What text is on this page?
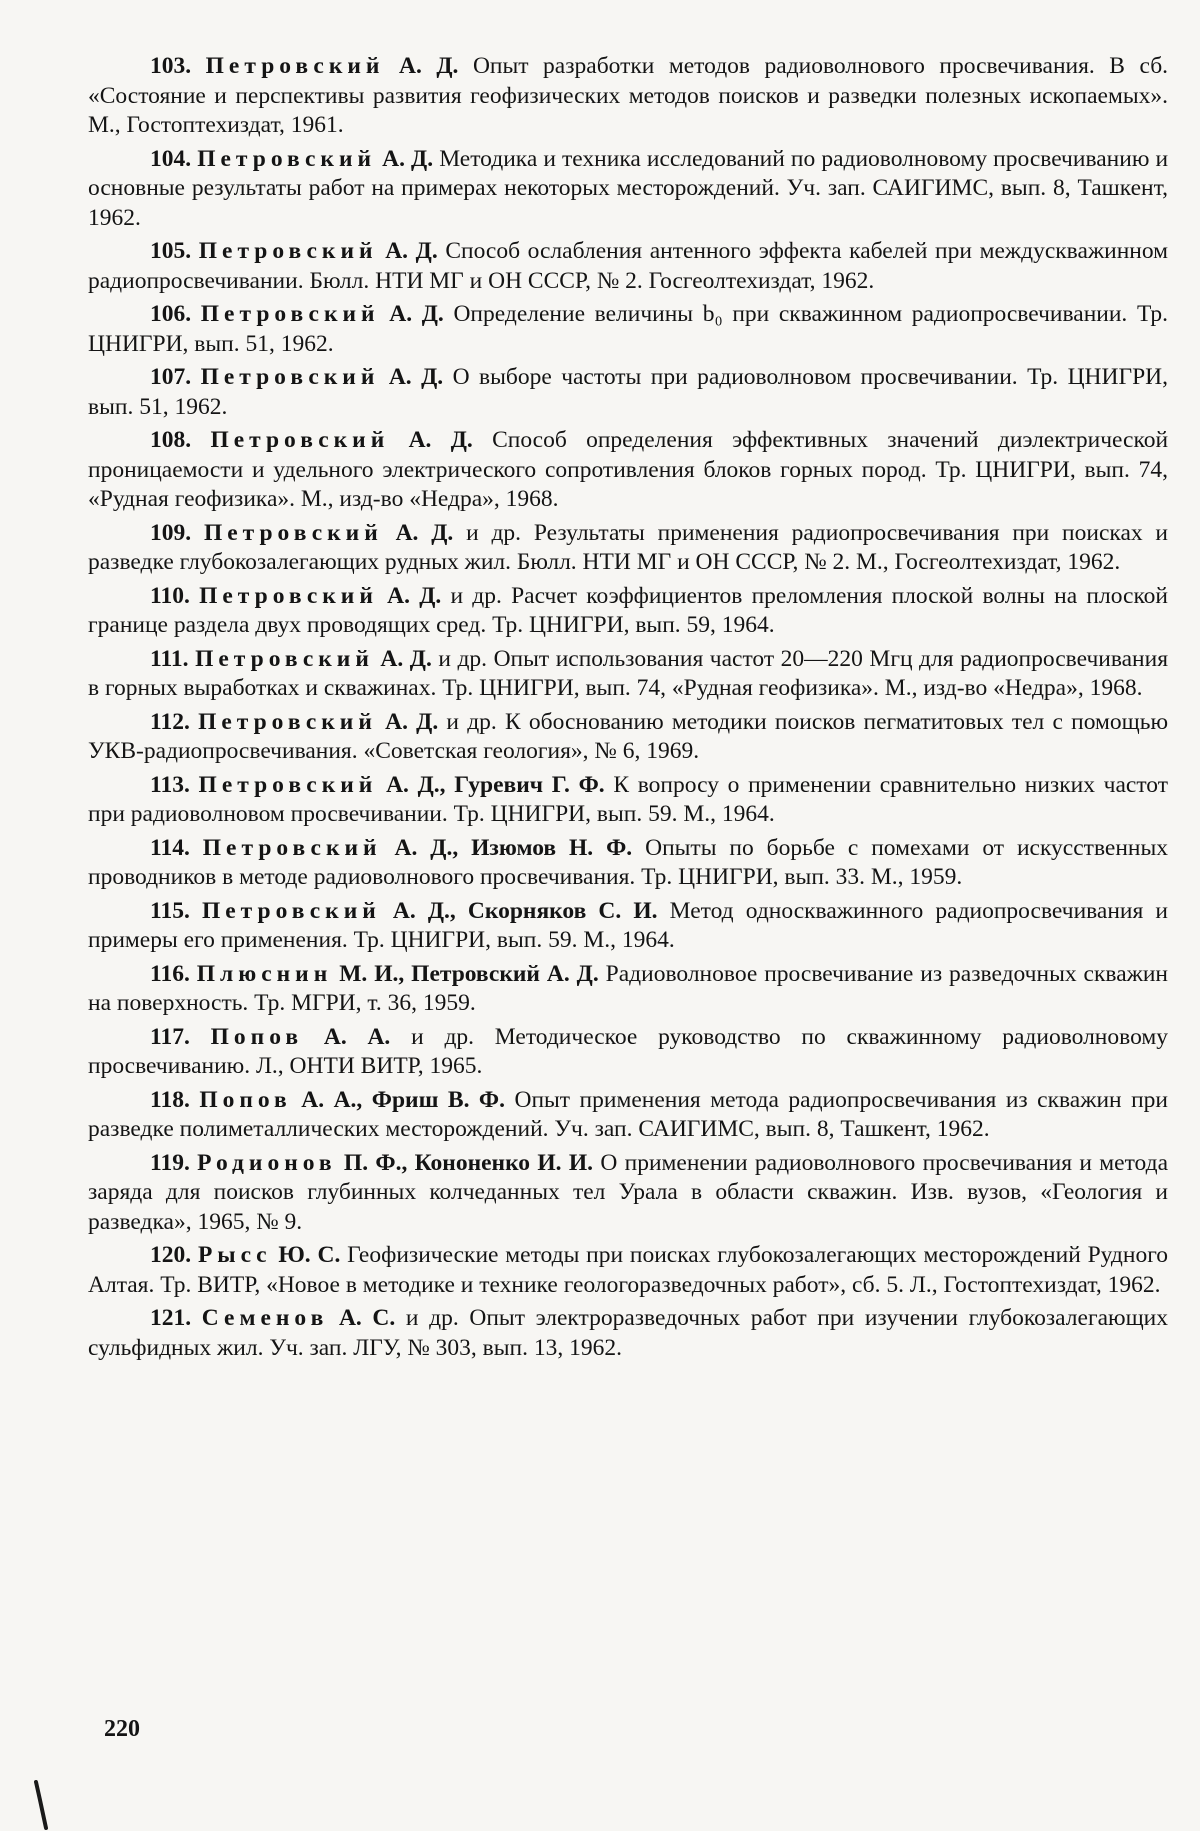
103. Петровский А. Д. Опыт разработки методов радиоволнового просвечивания. В сб. «Состояние и перспективы развития геофизических методов поисков и разведки полезных ископаемых». М., Гостоптехиздат, 1961.

104. Петровский А. Д. Методика и техника исследований по радиоволновому просвечиванию и основные результаты работ на примерах некоторых месторождений. Уч. зап. САИГИМС, вып. 8, Ташкент, 1962.

105. Петровский А. Д. Способ ослабления антенного эффекта кабелей при междускважинном радиопросвечивании. Бюлл. НТИ МГ и ОН СССР, № 2. Госгеолтехиздат, 1962.

106. Петровский А. Д. Определение величины b₀ при скважинном радиопросвечивании. Тр. ЦНИГРИ, вып. 51, 1962.

107. Петровский А. Д. О выборе частоты при радиоволновом просвечивании. Тр. ЦНИГРИ, вып. 51, 1962.

108. Петровский А. Д. Способ определения эффективных значений диэлектрической проницаемости и удельного электрического сопротивления блоков горных пород. Тр. ЦНИГРИ, вып. 74, «Рудная геофизика». М., изд-во «Недра», 1968.

109. Петровский А. Д. и др. Результаты применения радиопросвечивания при поисках и разведке глубокозалегающих рудных жил. Бюлл. НТИ МГ и ОН СССР, № 2. М., Госгеолтехиздат, 1962.

110. Петровский А. Д. и др. Расчет коэффициентов преломления плоской волны на плоской границе раздела двух проводящих сред. Тр. ЦНИГРИ, вып. 59, 1964.

111. Петровский А. Д. и др. Опыт использования частот 20—220 Мгц для радиопросвечивания в горных выработках и скважинах. Тр. ЦНИГРИ, вып. 74, «Рудная геофизика». М., изд-во «Недра», 1968.

112. Петровский А. Д. и др. К обоснованию методики поисков пегматитовых тел с помощью УКВ-радиопросвечивания. «Советская геология», № 6, 1969.

113. Петровский А. Д., Гуревич Г. Ф. К вопросу о применении сравнительно низких частот при радиоволновом просвечивании. Тр. ЦНИГРИ, вып. 59. М., 1964.

114. Петровский А. Д., Изюмов Н. Ф. Опыты по борьбе с помехами от искусственных проводников в методе радиоволнового просвечивания. Тр. ЦНИГРИ, вып. 33. М., 1959.

115. Петровский А. Д., Скорняков С. И. Метод односкважинного радиопросвечивания и примеры его применения. Тр. ЦНИГРИ, вып. 59. М., 1964.

116. Плюснин М. И., Петровский А. Д. Радиоволновое просвечивание из разведочных скважин на поверхность. Тр. МГРИ, т. 36, 1959.

117. Попов А. А. и др. Методическое руководство по скважинному радиоволновому просвечиванию. Л., ОНТИ ВИТР, 1965.

118. Попов А. А., Фриш В. Ф. Опыт применения метода радиопросвечивания из скважин при разведке полиметаллических месторождений. Уч. зап. САИГИМС, вып. 8, Ташкент, 1962.

119. Родионов П. Ф., Кононенко И. И. О применении радиоволнового просвечивания и метода заряда для поисков глубинных колчеданных тел Урала в области скважин. Изв. вузов, «Геология и разведка», 1965, № 9.

120. Рысс Ю. С. Геофизические методы при поисках глубокозалегающих месторождений Рудного Алтая. Тр. ВИТР, «Новое в методике и технике геологоразведочных работ», сб. 5. Л., Гостоптехиздат, 1962.

121. Семенов А. С. и др. Опыт электроразведочных работ при изучении глубокозалегающих сульфидных жил. Уч. зап. ЛГУ, № 303, вып. 13, 1962.

220
